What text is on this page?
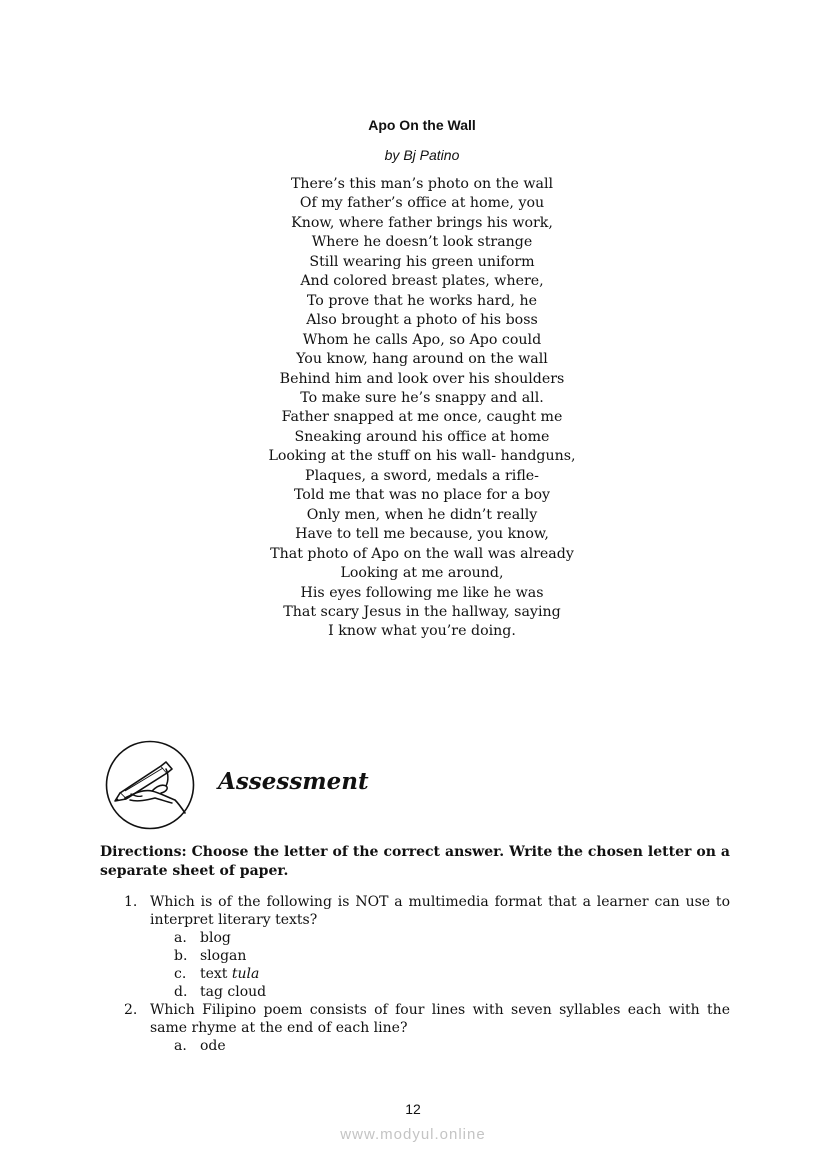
Apo On the Wall
by Bj Patino
There’s this man’s photo on the wall
Of my father’s office at home, you
Know, where father brings his work,
Where he doesn’t look strange
Still wearing his green uniform
And colored breast plates, where,
To prove that he works hard, he
Also brought a photo of his boss
Whom he calls Apo, so Apo could
You know, hang around on the wall
Behind him and look over his shoulders
To make sure he’s snappy and all.
Father snapped at me once, caught me
Sneaking around his office at home
Looking at the stuff on his wall- handguns,
Plaques, a sword, medals a rifle-
Told me that was no place for a boy
Only men, when he didn’t really
Have to tell me because, you know,
That photo of Apo on the wall was already
Looking at me around,
His eyes following me like he was
That scary Jesus in the hallway, saying
I know what you’re doing.
Assessment
Directions: Choose the letter of the correct answer. Write the chosen letter on a separate sheet of paper.
1. Which is of the following is NOT a multimedia format that a learner can use to interpret literary texts?
a. blog
b. slogan
c. text tula
d. tag cloud
2. Which Filipino poem consists of four lines with seven syllables each with the same rhyme at the end of each line?
a. ode
12
www.modyul.online
